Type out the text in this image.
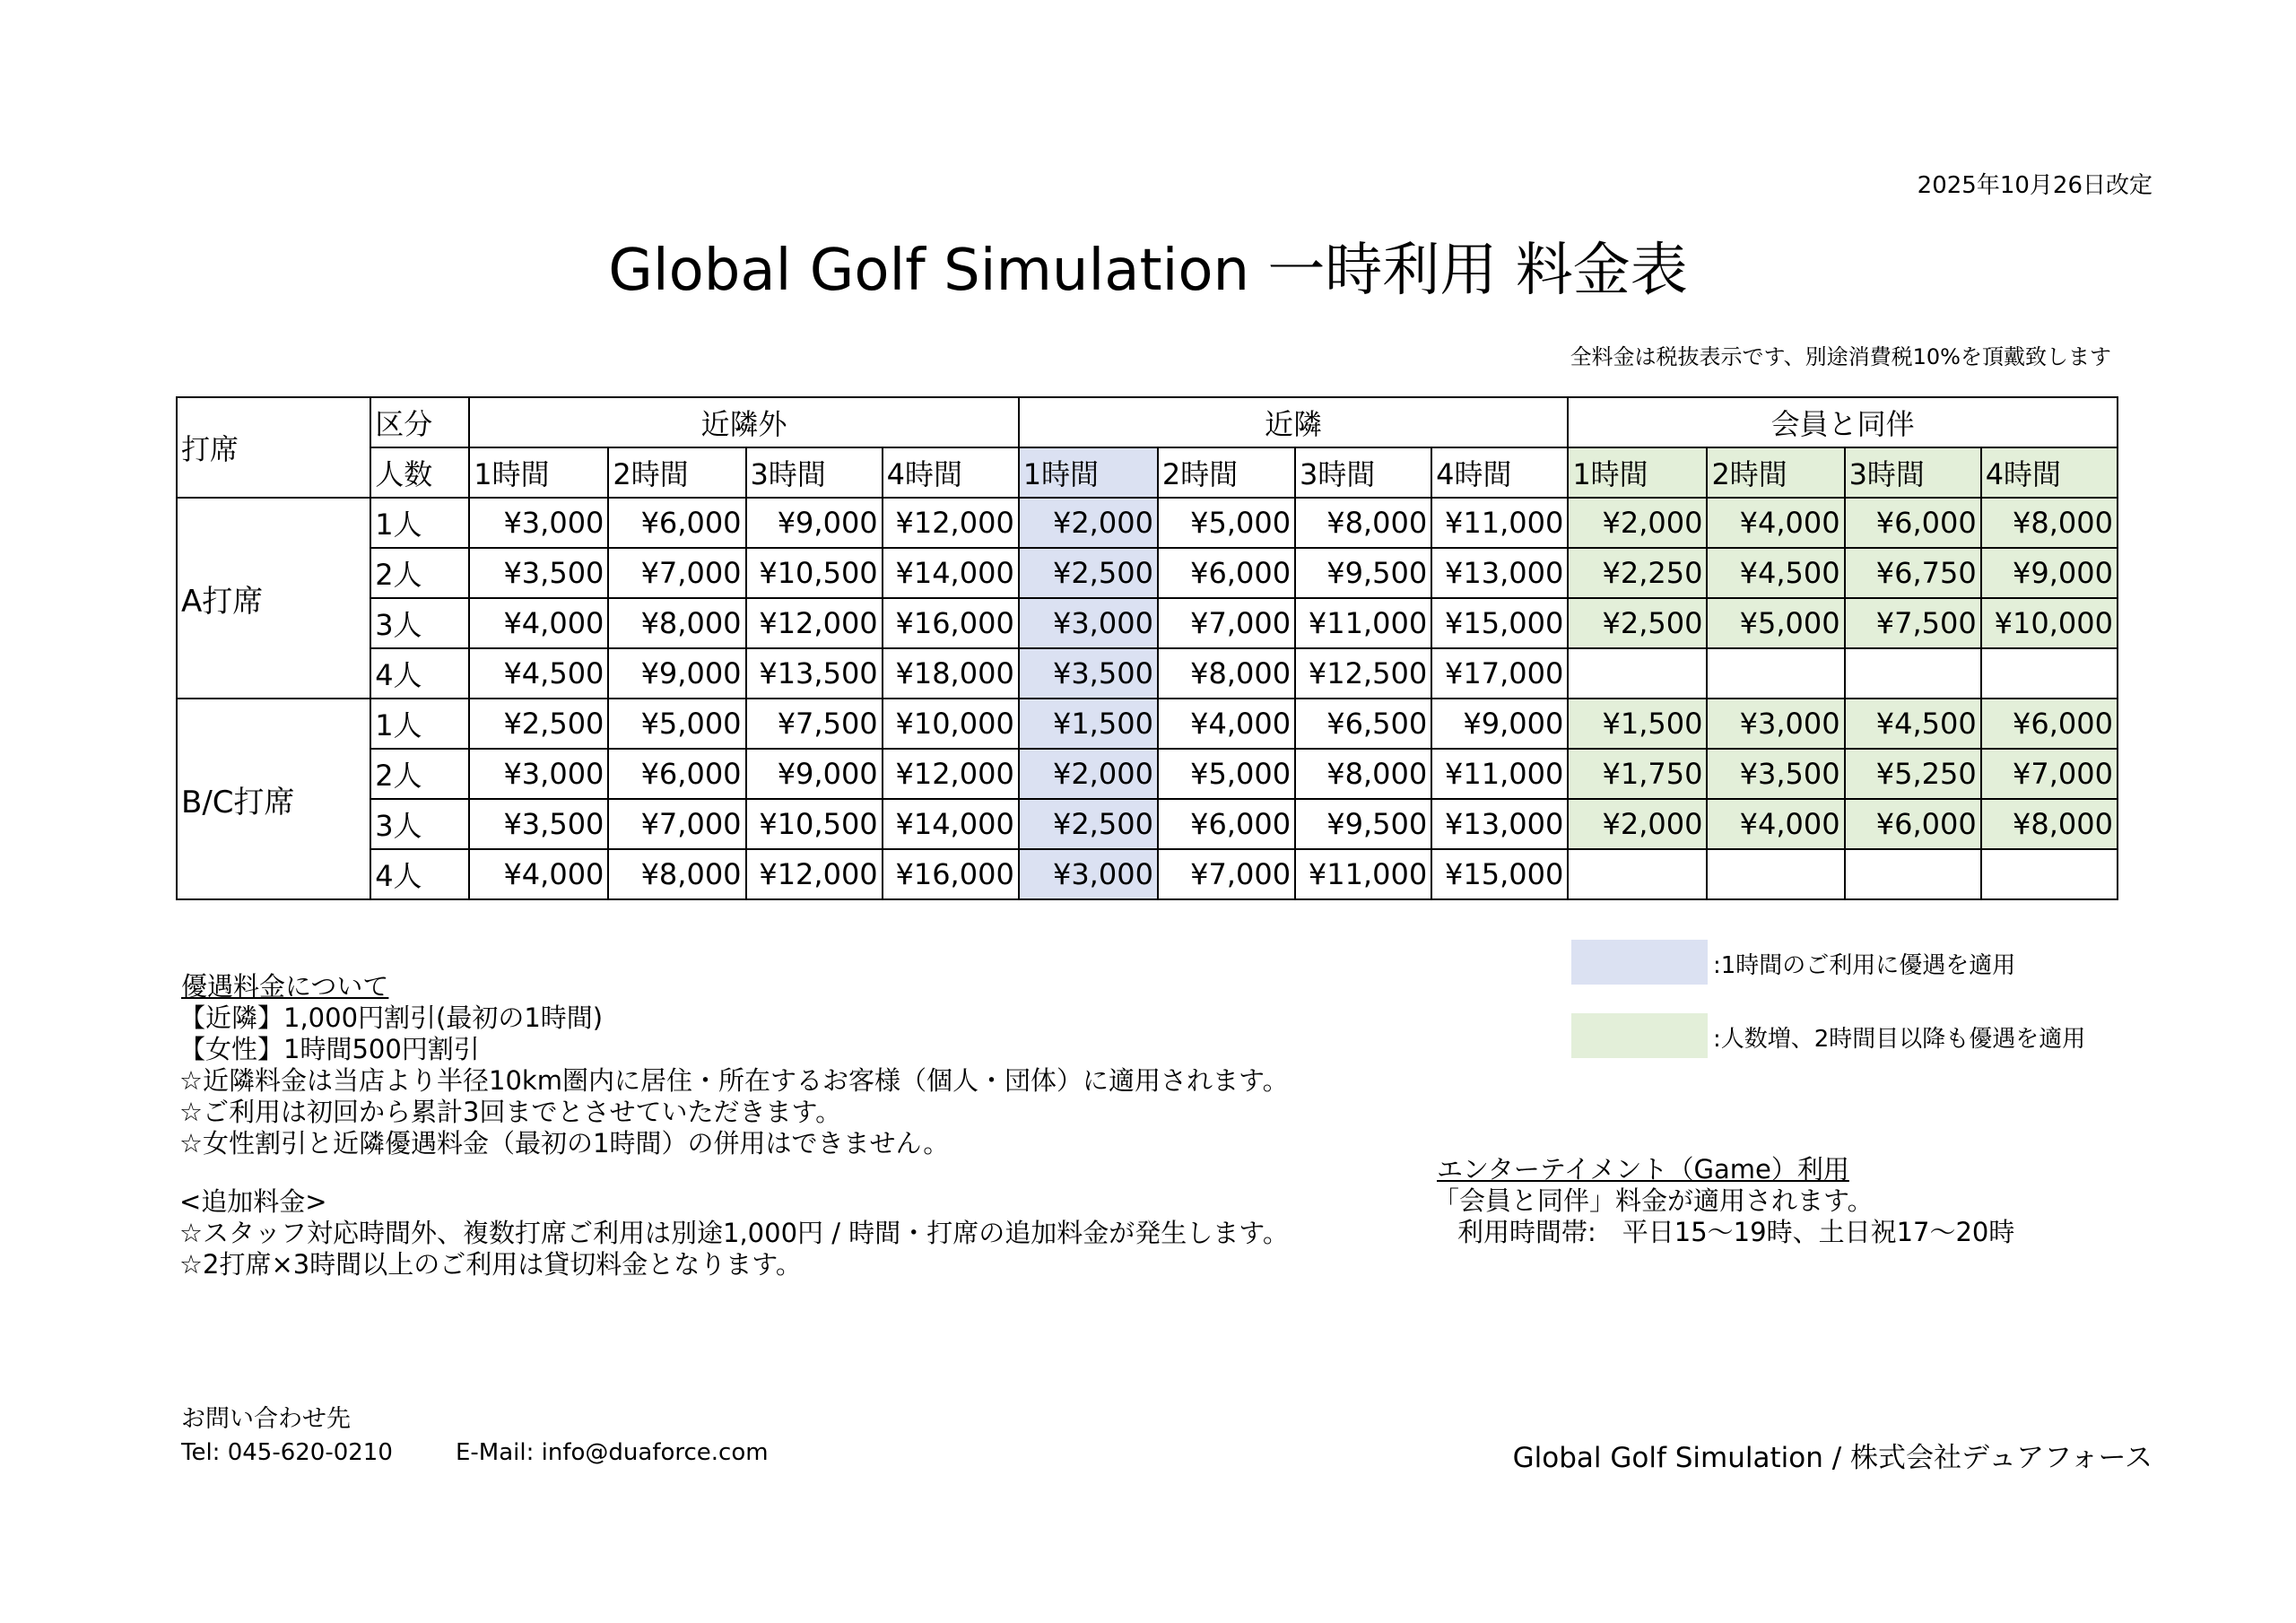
2025年10月26日改定
Global Golf Simulation 一時利用 料金表
全料金は税抜表示です、別途消費税10%を頂戴致します
打席	区分	近隣外				近隣				会員と同伴			
	人数	1時間	2時間	3時間	4時間	1時間	2時間	3時間	4時間	1時間	2時間	3時間	4時間
A打席	1人	¥3,000	¥6,000	¥9,000	¥12,000	¥2,000	¥5,000	¥8,000	¥11,000	¥2,000	¥4,000	¥6,000	¥8,000
	2人	¥3,500	¥7,000	¥10,500	¥14,000	¥2,500	¥6,000	¥9,500	¥13,000	¥2,250	¥4,500	¥6,750	¥9,000
	3人	¥4,000	¥8,000	¥12,000	¥16,000	¥3,000	¥7,000	¥11,000	¥15,000	¥2,500	¥5,000	¥7,500	¥10,000
	4人	¥4,500	¥9,000	¥13,500	¥18,000	¥3,500	¥8,000	¥12,500	¥17,000				
B/C打席	1人	¥2,500	¥5,000	¥7,500	¥10,000	¥1,500	¥4,000	¥6,500	¥9,000	¥1,500	¥3,000	¥4,500	¥6,000
	2人	¥3,000	¥6,000	¥9,000	¥12,000	¥2,000	¥5,000	¥8,000	¥11,000	¥1,750	¥3,500	¥5,250	¥7,000
	3人	¥3,500	¥7,000	¥10,500	¥14,000	¥2,500	¥6,000	¥9,500	¥13,000	¥2,000	¥4,000	¥6,000	¥8,000
	4人	¥4,000	¥8,000	¥12,000	¥16,000	¥3,000	¥7,000	¥11,000	¥15,000				
:1時間のご利用に優遇を適用
:人数増、2時間目以降も優遇を適用
優遇料金について
【近隣】1,000円割引(最初の1時間)
【女性】1時間500円割引
☆近隣料金は当店より半径10km圏内に居住・所在するお客様（個人・団体）に適用されます。
☆ご利用は初回から累計3回までとさせていただきます。
☆女性割引と近隣優遇料金（最初の1時間）の併用はできません。
<追加料金>
☆スタッフ対応時間外、複数打席ご利用は別途1,000円 / 時間・打席の追加料金が発生します。
☆2打席×3時間以上のご利用は貸切料金となります。
エンターテイメント（Game）利用
「会員と同伴」料金が適用されます。
利用時間帯:　平日15～19時、土日祝17～20時
お問い合わせ先
Tel: 045-620-0210	E-Mail: info@duaforce.com	Global Golf Simulation / 株式会社デュアフォース
